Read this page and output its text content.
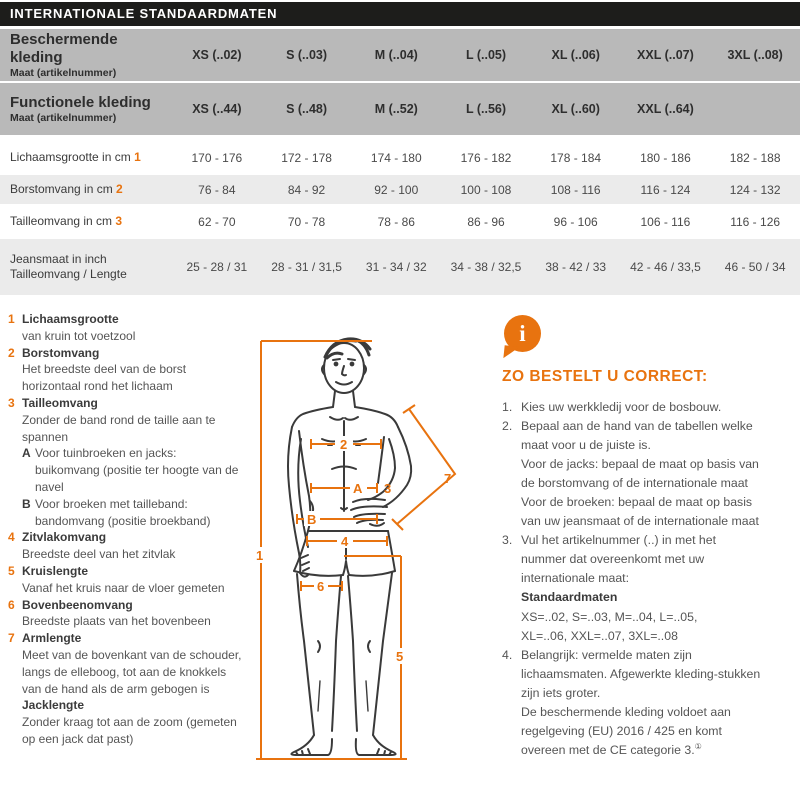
INTERNATIONALE STANDAARDMATEN
Beschermende kleding
Maat (artikelnummer)
XS (..02)	S (..03)	M (..04)	L (..05)	XL (..06)	XXL (..07)	3XL (..08)
Functionele kleding
Maat (artikelnummer)
XS (..44)	S (..48)	M (..52)	L (..56)	XL (..60)	XXL (..64)
Lichaamsgrootte in cm 1	170 - 176	172 - 178	174 - 180	176 - 182	178 - 184	180 - 186	182 - 188
Borstomvang in cm 2	76 - 84	84 - 92	92 - 100	100 - 108	108 - 116	116 - 124	124 - 132
Tailleomvang in cm 3	62 - 70	70 - 78	78 - 86	86 - 96	96 - 106	106 - 116	116 - 126
Jeansmaat in inch
Tailleomvang / Lengte	25 - 28 / 31	28 - 31 / 31,5	31 - 34 / 32	34 - 38 / 32,5	38 - 42 / 33	42 - 46 / 33,5	46 - 50 / 34
1 Lichaamsgrootte
van kruin tot voetzool
2 Borstomvang
Het breedste deel van de borst horizontaal rond het lichaam
3 Tailleomvang
Zonder de band rond de taille aan te spannen
A Voor tuinbroeken en jacks: buikomvang (positie ter hoogte van de navel
B Voor broeken met tailleband: bandomvang (positie broekband)
4 Zitvlakomvang
Breedste deel van het zitvlak
5 Kruislengte
Vanaf het kruis naar de vloer gemeten
6 Bovenbeenomvang
Breedste plaats van het bovenbeen
7 Armlengte
Meet van de bovenkant van de schouder, langs de elleboog, tot aan de knokkels van de hand als de arm gebogen is
Jacklengte
Zonder kraag tot aan de zoom (gemeten op een jack dat past)
1
2
A 3
B
4
7
6
5
i
ZO BESTELT U CORRECT:
1. Kies uw werkkledij voor de bosbouw.

2. Bepaal aan de hand van de tabellen welke maat voor u de juiste is.

Voor de jacks: bepaal de maat op basis van de borstomvang of de internationale maat

Voor de broeken: bepaal de maat op basis van uw jeansmaat of de internationale maat

3. Vul het artikelnummer (..) in met het nummer dat overeenkomt met uw internationale maat:

Standaardmaten

XS=..02, S=..03, M=..04, L=..05,

XL=..06, XXL=..07, 3XL=..08

4. Belangrijk: vermelde maten zijn lichaamsmaten. Afgewerkte kleding-stukken zijn iets groter.

De beschermende kleding voldoet aan regelgeving (EU) 2016 / 425 en komt overeen met de CE categorie 3.①
